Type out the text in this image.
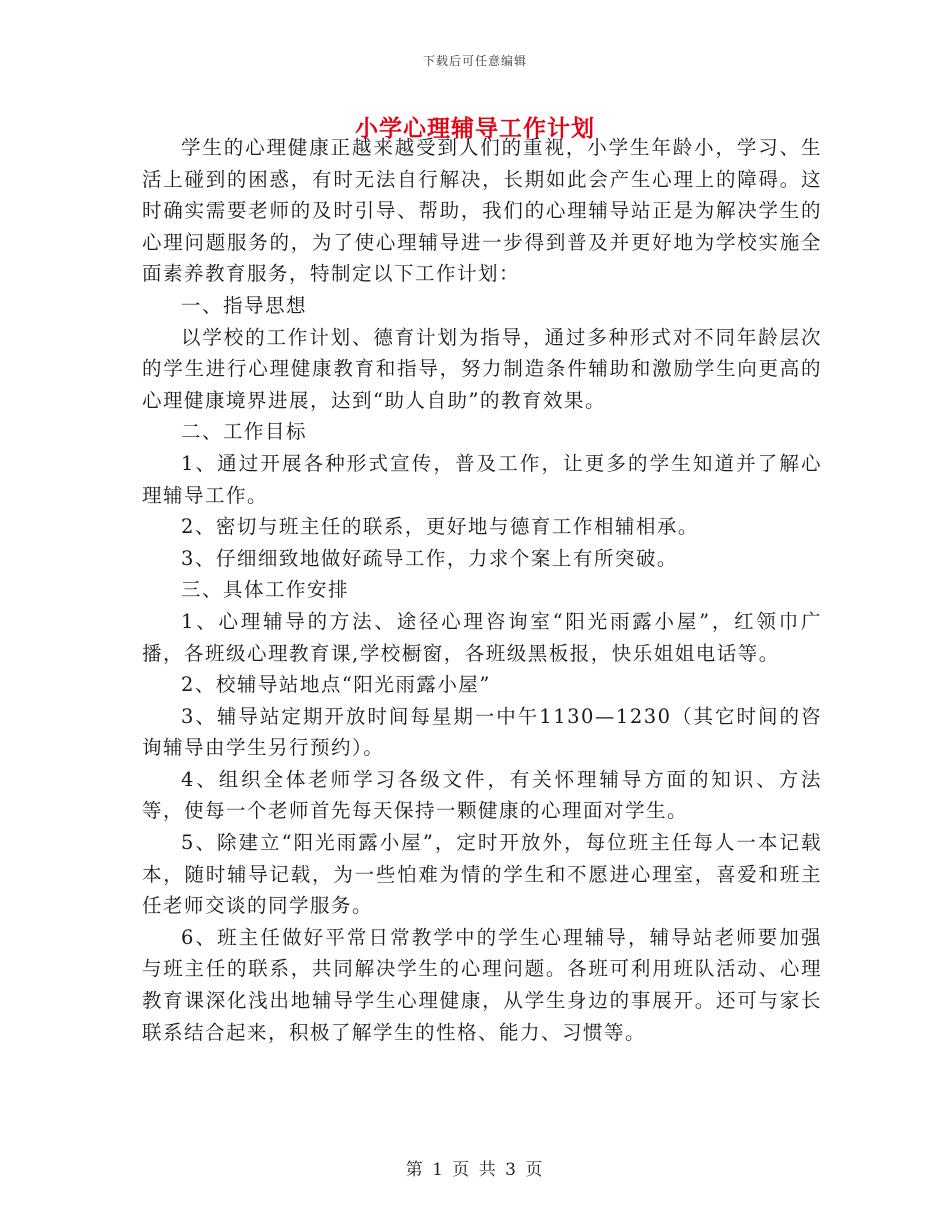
下载后可任意编辑
小学心理辅导工作计划

学生的心理健康正越来越受到人们的重视，小学生年龄小，学习、生活上碰到的困惑，有时无法自行解决，长期如此会产生心理上的障碍。这时确实需要老师的及时引导、帮助，我们的心理辅导站正是为解决学生的心理问题服务的，为了使心理辅导进一步得到普及并更好地为学校实施全面素养教育服务，特制定以下工作计划：

一、指导思想

以学校的工作计划、德育计划为指导，通过多种形式对不同年龄层次的学生进行心理健康教育和指导，努力制造条件辅助和激励学生向更高的心理健康境界进展，达到“助人自助”的教育效果。

二、工作目标

1、通过开展各种形式宣传，普及工作，让更多的学生知道并了解心理辅导工作。

2、密切与班主任的联系，更好地与德育工作相辅相承。

3、仔细细致地做好疏导工作，力求个案上有所突破。

三、具体工作安排

1、心理辅导的方法、途径心理咨询室“阳光雨露小屋”，红领巾广播，各班级心理教育课,学校橱窗，各班级黑板报，快乐姐姐电话等。

2、校辅导站地点“阳光雨露小屋”

3、辅导站定期开放时间每星期一中午1130—1230（其它时间的咨询辅导由学生另行预约）。

4、组织全体老师学习各级文件，有关怀理辅导方面的知识、方法等，使每一个老师首先每天保持一颗健康的心理面对学生。

5、除建立“阳光雨露小屋”，定时开放外，每位班主任每人一本记载本，随时辅导记载，为一些怕难为情的学生和不愿进心理室，喜爱和班主任老师交谈的同学服务。

6、班主任做好平常日常教学中的学生心理辅导，辅导站老师要加强与班主任的联系，共同解决学生的心理问题。各班可利用班队活动、心理教育课深化浅出地辅导学生心理健康，从学生身边的事展开。还可与家长联系结合起来，积极了解学生的性格、能力、习惯等。

第 1 页 共 3 页
